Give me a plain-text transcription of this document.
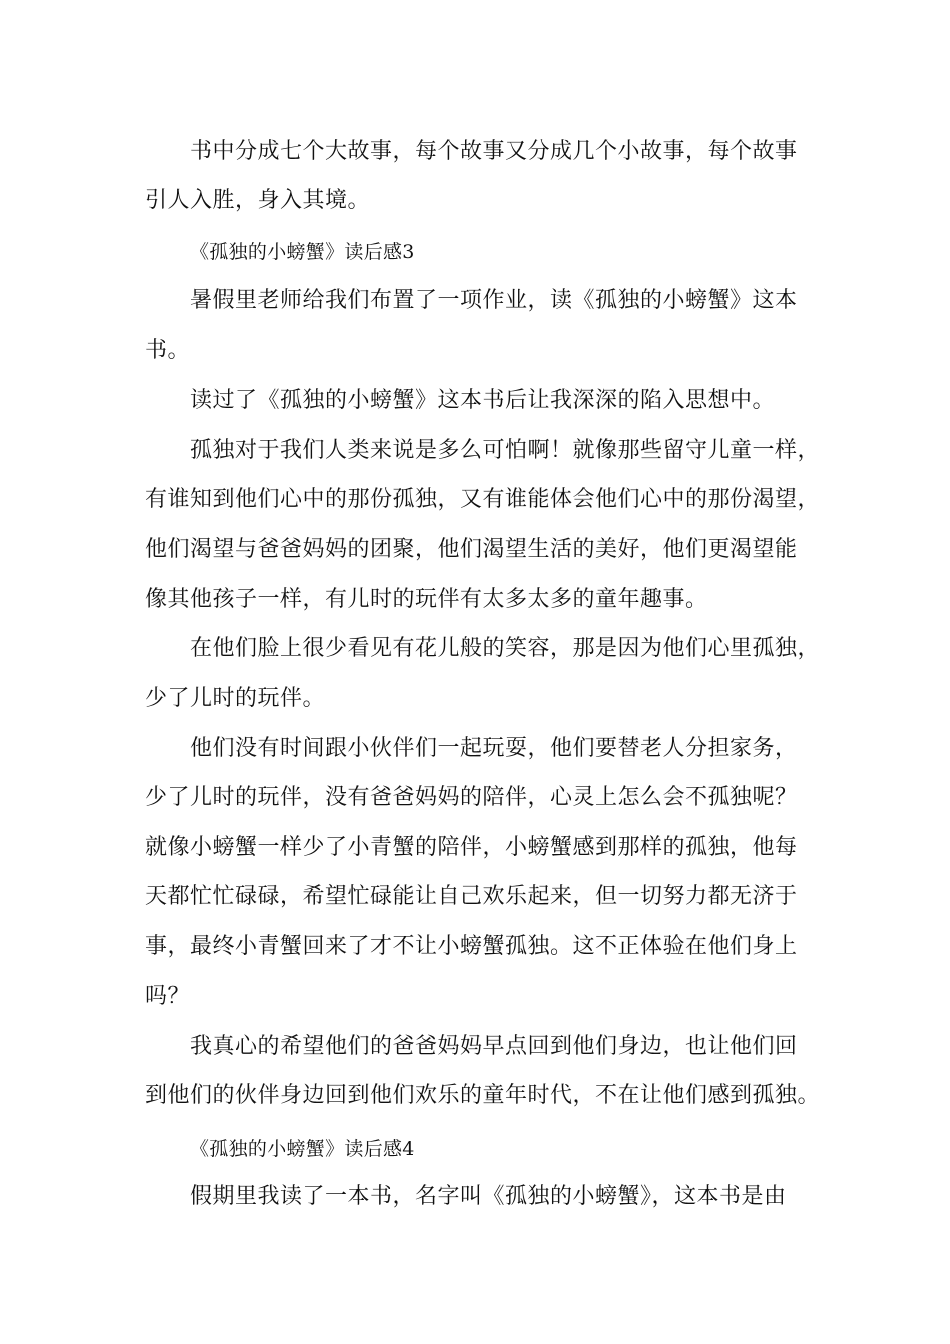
书中分成七个大故事，每个故事又分成几个小故事，每个故事
引人入胜，身入其境。
《孤独的小螃蟹》读后感3
暑假里老师给我们布置了一项作业，读《孤独的小螃蟹》这本
书。
读过了《孤独的小螃蟹》这本书后让我深深的陷入思想中。
孤独对于我们人类来说是多么可怕啊！就像那些留守儿童一样，
有谁知到他们心中的那份孤独，又有谁能体会他们心中的那份渴望，
他们渴望与爸爸妈妈的团聚，他们渴望生活的美好，他们更渴望能
像其他孩子一样，有儿时的玩伴有太多太多的童年趣事。
在他们脸上很少看见有花儿般的笑容，那是因为他们心里孤独，
少了儿时的玩伴。
他们没有时间跟小伙伴们一起玩耍，他们要替老人分担家务，
少了儿时的玩伴，没有爸爸妈妈的陪伴，心灵上怎么会不孤独呢？
就像小螃蟹一样少了小青蟹的陪伴，小螃蟹感到那样的孤独，他每
天都忙忙碌碌，希望忙碌能让自己欢乐起来，但一切努力都无济于
事，最终小青蟹回来了才不让小螃蟹孤独。这不正体验在他们身上
吗？
我真心的希望他们的爸爸妈妈早点回到他们身边，也让他们回
到他们的伙伴身边回到他们欢乐的童年时代，不在让他们感到孤独。
《孤独的小螃蟹》读后感4
假期里我读了一本书，名字叫《孤独的小螃蟹》，这本书是由
